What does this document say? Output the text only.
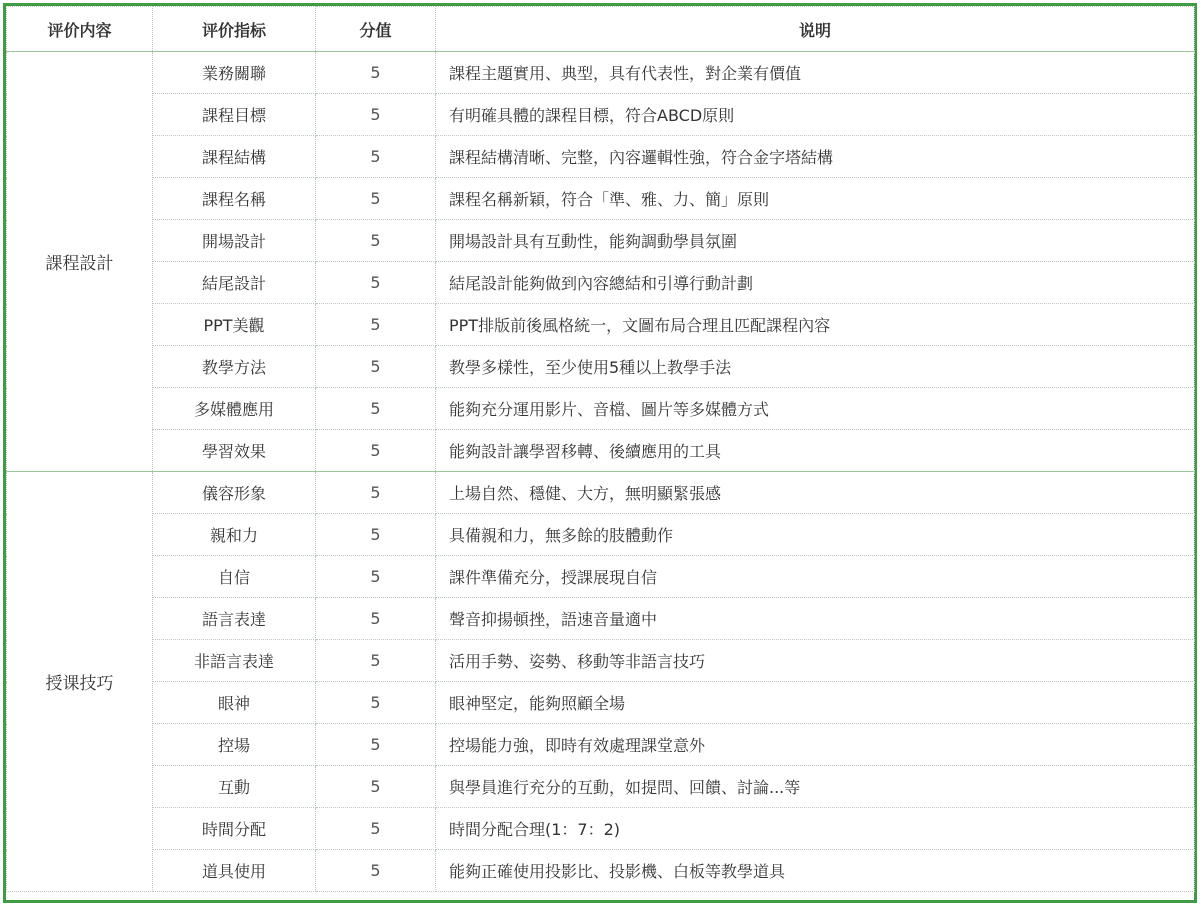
评价内容	评价指标	分值	说明
課程設計	業務關聯	5	課程主題實用、典型，具有代表性，對企業有價值
	課程目標	5	有明確具體的課程目標，符合ABCD原則
	課程結構	5	課程結構清晰、完整，內容邏輯性強，符合金字塔結構
	課程名稱	5	課程名稱新穎，符合「準、雅、力、簡」原則
	開場設計	5	開場設計具有互動性，能夠調動學員氛圍
	結尾設計	5	結尾設計能夠做到內容總結和引導行動計劃
	PPT美觀	5	PPT排版前後風格統一，文圖布局合理且匹配課程內容
	教學方法	5	教學多樣性，至少使用5種以上教學手法
	多媒體應用	5	能夠充分運用影片、音檔、圖片等多媒體方式
	學習效果	5	能夠設計讓學習移轉、後續應用的工具
授课技巧	儀容形象	5	上場自然、穩健、大方，無明顯緊張感
	親和力	5	具備親和力，無多餘的肢體動作
	自信	5	課件準備充分，授課展現自信
	語言表達	5	聲音抑揚頓挫，語速音量適中
	非語言表達	5	活用手勢、姿勢、移動等非語言技巧
	眼神	5	眼神堅定，能夠照顧全場
	控場	5	控場能力強，即時有效處理課堂意外
	互動	5	與學員進行充分的互動，如提問、回饋、討論...等
	時間分配	5	時間分配合理(1：7：2)
	道具使用	5	能夠正確使用投影比、投影機、白板等教學道具
